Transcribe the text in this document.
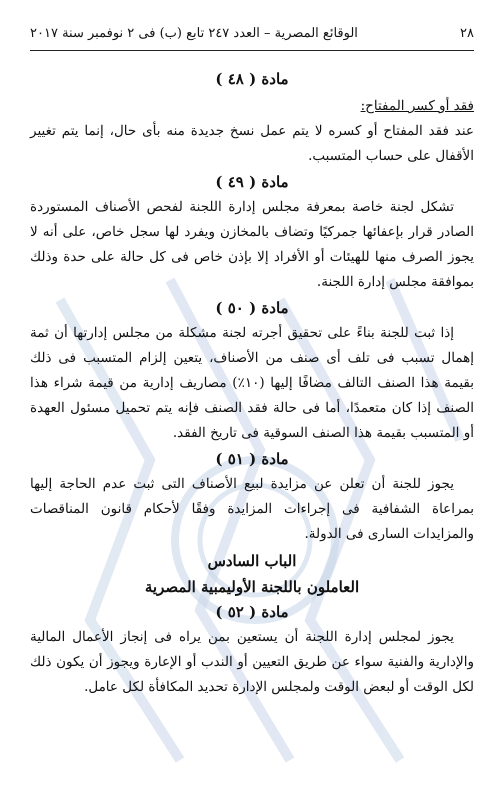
٢٨
الوقائع المصرية – العدد ٢٤٧ تابع (ب) فى ٢ نوفمبر سنة ٢٠١٧
مادة ( ٤٨ )

فقد أو كسر المفتاح:

عند فقد المفتاح أو كسره لا يتم عمل نسخ جديدة منه بأى حال، إنما يتم تغيير الأقفال على حساب المتسبب.

مادة ( ٤٩ )

تشكل لجنة خاصة بمعرفة مجلس إدارة اللجنة لفحص الأصناف المستوردة الصادر قرار بإعفائها جمركيًا وتضاف بالمخازن ويفرد لها سجل خاص، على أنه لا يجوز الصرف منها للهيئات أو الأفراد إلا بإذن خاص فى كل حالة على حدة وذلك بموافقة مجلس إدارة اللجنة.

مادة ( ٥٠ )

إذا ثبت للجنة بناءً على تحقيق أجرته لجنة مشكلة من مجلس إدارتها أن ثمة إهمال تسبب فى تلف أى صنف من الأصناف، يتعين إلزام المتسبب فى ذلك بقيمة هذا الصنف التالف مضافًا إليها (١٠٪) مصاريف إدارية من قيمة شراء هذا الصنف إذا كان متعمدًا، أما فى حالة فقد الصنف فإنه يتم تحميل مسئول العهدة أو المتسبب بقيمة هذا الصنف السوقية فى تاريخ الفقد.

مادة ( ٥١ )

يجوز للجنة أن تعلن عن مزايدة لبيع الأصناف التى ثبت عدم الحاجة إليها بمراعاة الشفافية فى إجراءات المزايدة وفقًا لأحكام قانون المناقصات والمزايدات السارى فى الدولة.

الباب السادس
العاملون باللجنة الأوليمبية المصرية
مادة ( ٥٢ )

يجوز لمجلس إدارة اللجنة أن يستعين بمن يراه فى إنجاز الأعمال المالية والإدارية والفنية سواء عن طريق التعيين أو الندب أو الإعارة ويجوز أن يكون ذلك لكل الوقت أو لبعض الوقت ولمجلس الإدارة تحديد المكافأة لكل عامل.
